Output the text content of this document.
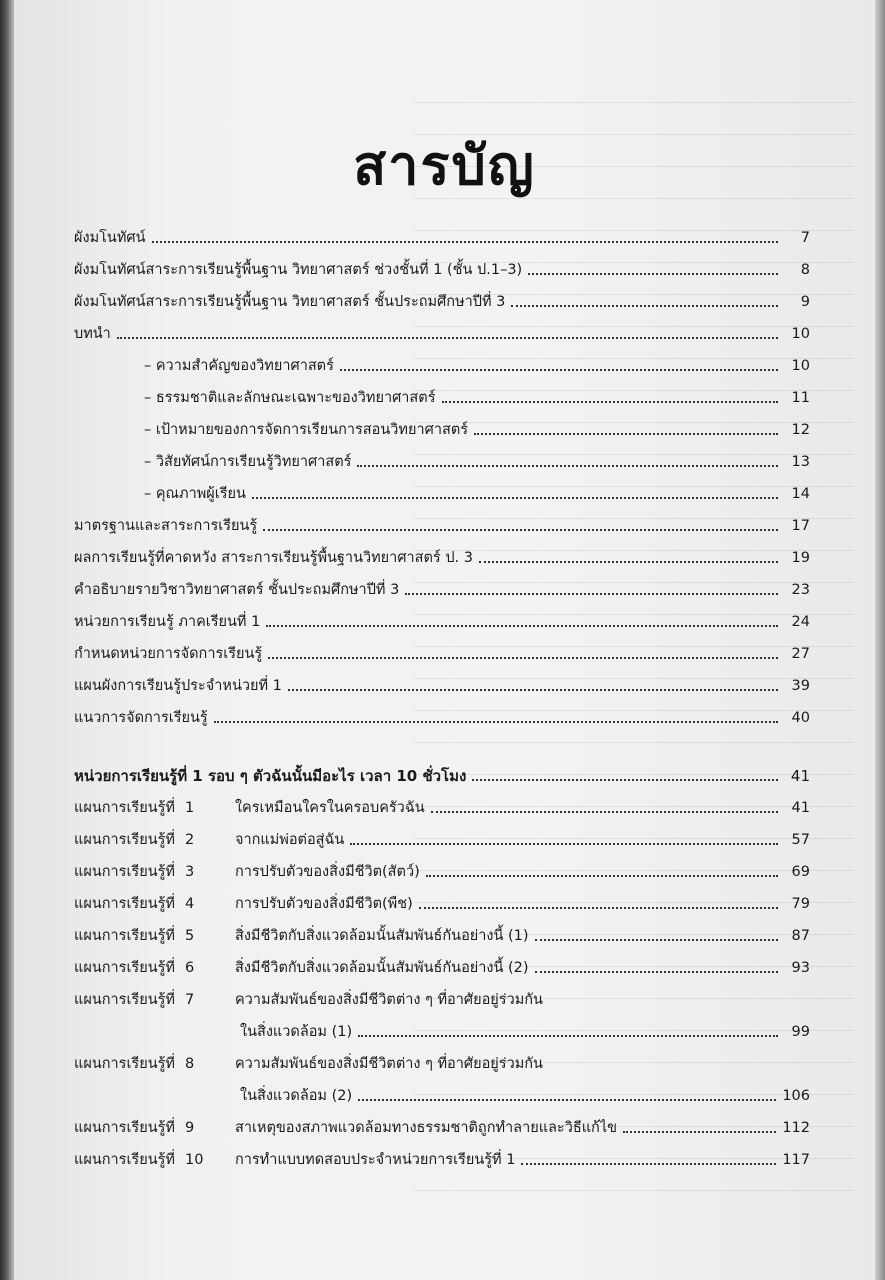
สารบัญ
ผังมโนทัศน์	7
ผังมโนทัศน์สาระการเรียนรู้พื้นฐาน วิทยาศาสตร์ ช่วงชั้นที่ 1 (ชั้น ป.1–3)	8
ผังมโนทัศน์สาระการเรียนรู้พื้นฐาน วิทยาศาสตร์ ชั้นประถมศึกษาปีที่ 3	9
บทนำ	10
– ความสำคัญของวิทยาศาสตร์	10
– ธรรมชาติและลักษณะเฉพาะของวิทยาศาสตร์	11
– เป้าหมายของการจัดการเรียนการสอนวิทยาศาสตร์	12
– วิสัยทัศน์การเรียนรู้วิทยาศาสตร์	13
– คุณภาพผู้เรียน	14
มาตรฐานและสาระการเรียนรู้	17
ผลการเรียนรู้ที่คาดหวัง สาระการเรียนรู้พื้นฐานวิทยาศาสตร์ ป. 3	19
คำอธิบายรายวิชาวิทยาศาสตร์ ชั้นประถมศึกษาปีที่ 3	23
หน่วยการเรียนรู้ ภาคเรียนที่ 1	24
กำหนดหน่วยการจัดการเรียนรู้	27
แผนผังการเรียนรู้ประจำหน่วยที่ 1	39
แนวการจัดการเรียนรู้	40
หน่วยการเรียนรู้ที่ 1 รอบ ๆ ตัวฉันนั้นมีอะไร เวลา 10 ชั่วโมง	41
แผนการเรียนรู้ที่ 1	ใครเหมือนใครในครอบครัวฉัน	41
แผนการเรียนรู้ที่ 2	จากแม่พ่อต่อสู่ฉัน	57
แผนการเรียนรู้ที่ 3	การปรับตัวของสิ่งมีชีวิต(สัตว์)	69
แผนการเรียนรู้ที่ 4	การปรับตัวของสิ่งมีชีวิต(พืช)	79
แผนการเรียนรู้ที่ 5	สิ่งมีชีวิตกับสิ่งแวดล้อมนั้นสัมพันธ์กันอย่างนี้ (1)	87
แผนการเรียนรู้ที่ 6	สิ่งมีชีวิตกับสิ่งแวดล้อมนั้นสัมพันธ์กันอย่างนี้ (2)	93
แผนการเรียนรู้ที่ 7	ความสัมพันธ์ของสิ่งมีชีวิตต่าง ๆ ที่อาศัยอยู่ร่วมกัน
ในสิ่งแวดล้อม (1)	99
แผนการเรียนรู้ที่ 8	ความสัมพันธ์ของสิ่งมีชีวิตต่าง ๆ ที่อาศัยอยู่ร่วมกัน
ในสิ่งแวดล้อม (2)	106
แผนการเรียนรู้ที่ 9	สาเหตุของสภาพแวดล้อมทางธรรมชาติถูกทำลายและวิธีแก้ไข	112
แผนการเรียนรู้ที่ 10	การทำแบบทดสอบประจำหน่วยการเรียนรู้ที่ 1	117
